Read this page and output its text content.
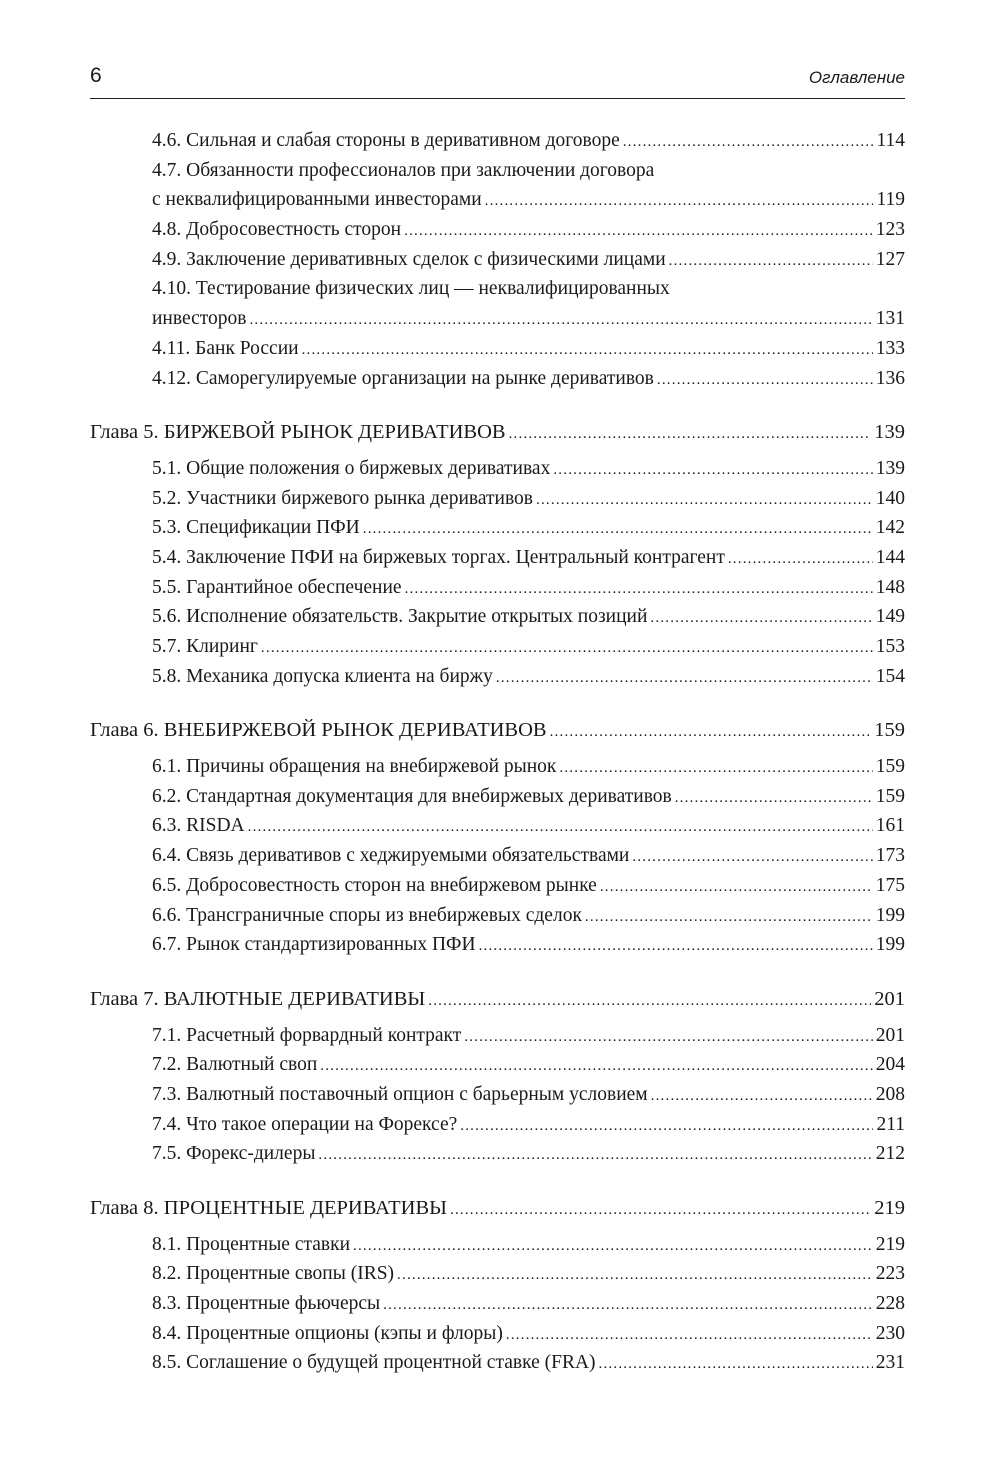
6	Оглавление
4.6. Сильная и слабая стороны в деривативном договоре .....	114
4.7. Обязанности профессионалов при заключении договора
с неквалифицированными инвесторами .....	119
4.8. Добросовестность сторон .....	123
4.9. Заключение деривативных сделок с физическими лицами .....	127
4.10. Тестирование физических лиц — неквалифицированных
инвесторов .....	131
4.11. Банк России .....	133
4.12. Саморегулируемые организации на рынке деривативов .....	136
Глава 5. БИРЖЕВОЙ РЫНОК ДЕРИВАТИВОВ .....	139
5.1. Общие положения о биржевых деривативах .....	139
5.2. Участники биржевого рынка деривативов .....	140
5.3. Спецификации ПФИ .....	142
5.4. Заключение ПФИ на биржевых торгах. Центральный контрагент .....	144
5.5. Гарантийное обеспечение .....	148
5.6. Исполнение обязательств. Закрытие открытых позиций .....	149
5.7. Клиринг .....	153
5.8. Механика допуска клиента на биржу .....	154
Глава 6. ВНЕБИРЖЕВОЙ РЫНОК ДЕРИВАТИВОВ .....	159
6.1. Причины обращения на внебиржевой рынок .....	159
6.2. Стандартная документация для внебиржевых деривативов .....	159
6.3. RISDA .....	161
6.4. Связь деривативов с хеджируемыми обязательствами .....	173
6.5. Добросовестность сторон на внебиржевом рынке .....	175
6.6. Трансграничные споры из внебиржевых сделок .....	199
6.7. Рынок стандартизированных ПФИ .....	199
Глава 7. ВАЛЮТНЫЕ ДЕРИВАТИВЫ .....	201
7.1. Расчетный форвардный контракт .....	201
7.2. Валютный своп .....	204
7.3. Валютный поставочный опцион с барьерным условием .....	208
7.4. Что такое операции на Форексе? .....	211
7.5. Форекс-дилеры .....	212
Глава 8. ПРОЦЕНТНЫЕ ДЕРИВАТИВЫ .....	219
8.1. Процентные ставки .....	219
8.2. Процентные свопы (IRS) .....	223
8.3. Процентные фьючерсы .....	228
8.4. Процентные опционы (кэпы и флоры) .....	230
8.5. Соглашение о будущей процентной ставке (FRA) .....	231
